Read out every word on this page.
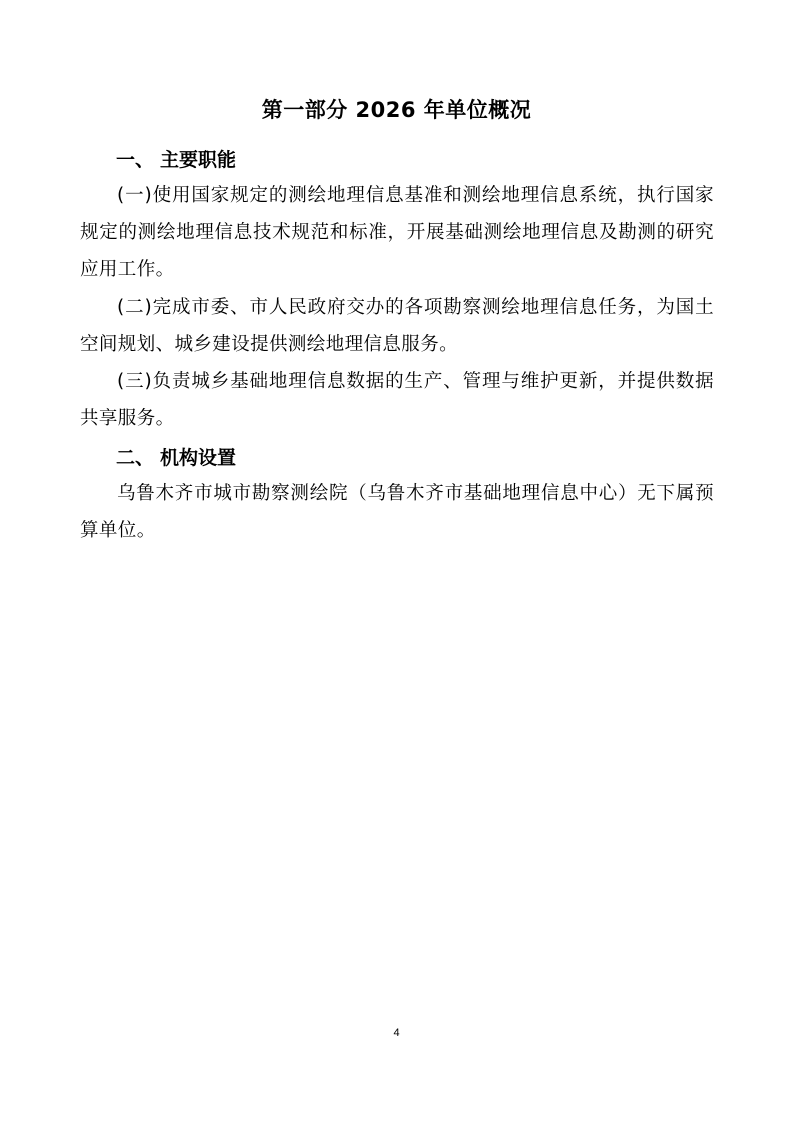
第一部分 2026 年单位概况
一、 主要职能
(一)使用国家规定的测绘地理信息基准和测绘地理信息系统，执行国家规定的测绘地理信息技术规范和标准，开展基础测绘地理信息及勘测的研究应用工作。
(二)完成市委、市人民政府交办的各项勘察测绘地理信息任务，为国土空间规划、城乡建设提供测绘地理信息服务。
(三)负责城乡基础地理信息数据的生产、管理与维护更新，并提供数据共享服务。
二、 机构设置
乌鲁木齐市城市勘察测绘院（乌鲁木齐市基础地理信息中心）无下属预算单位。
4
